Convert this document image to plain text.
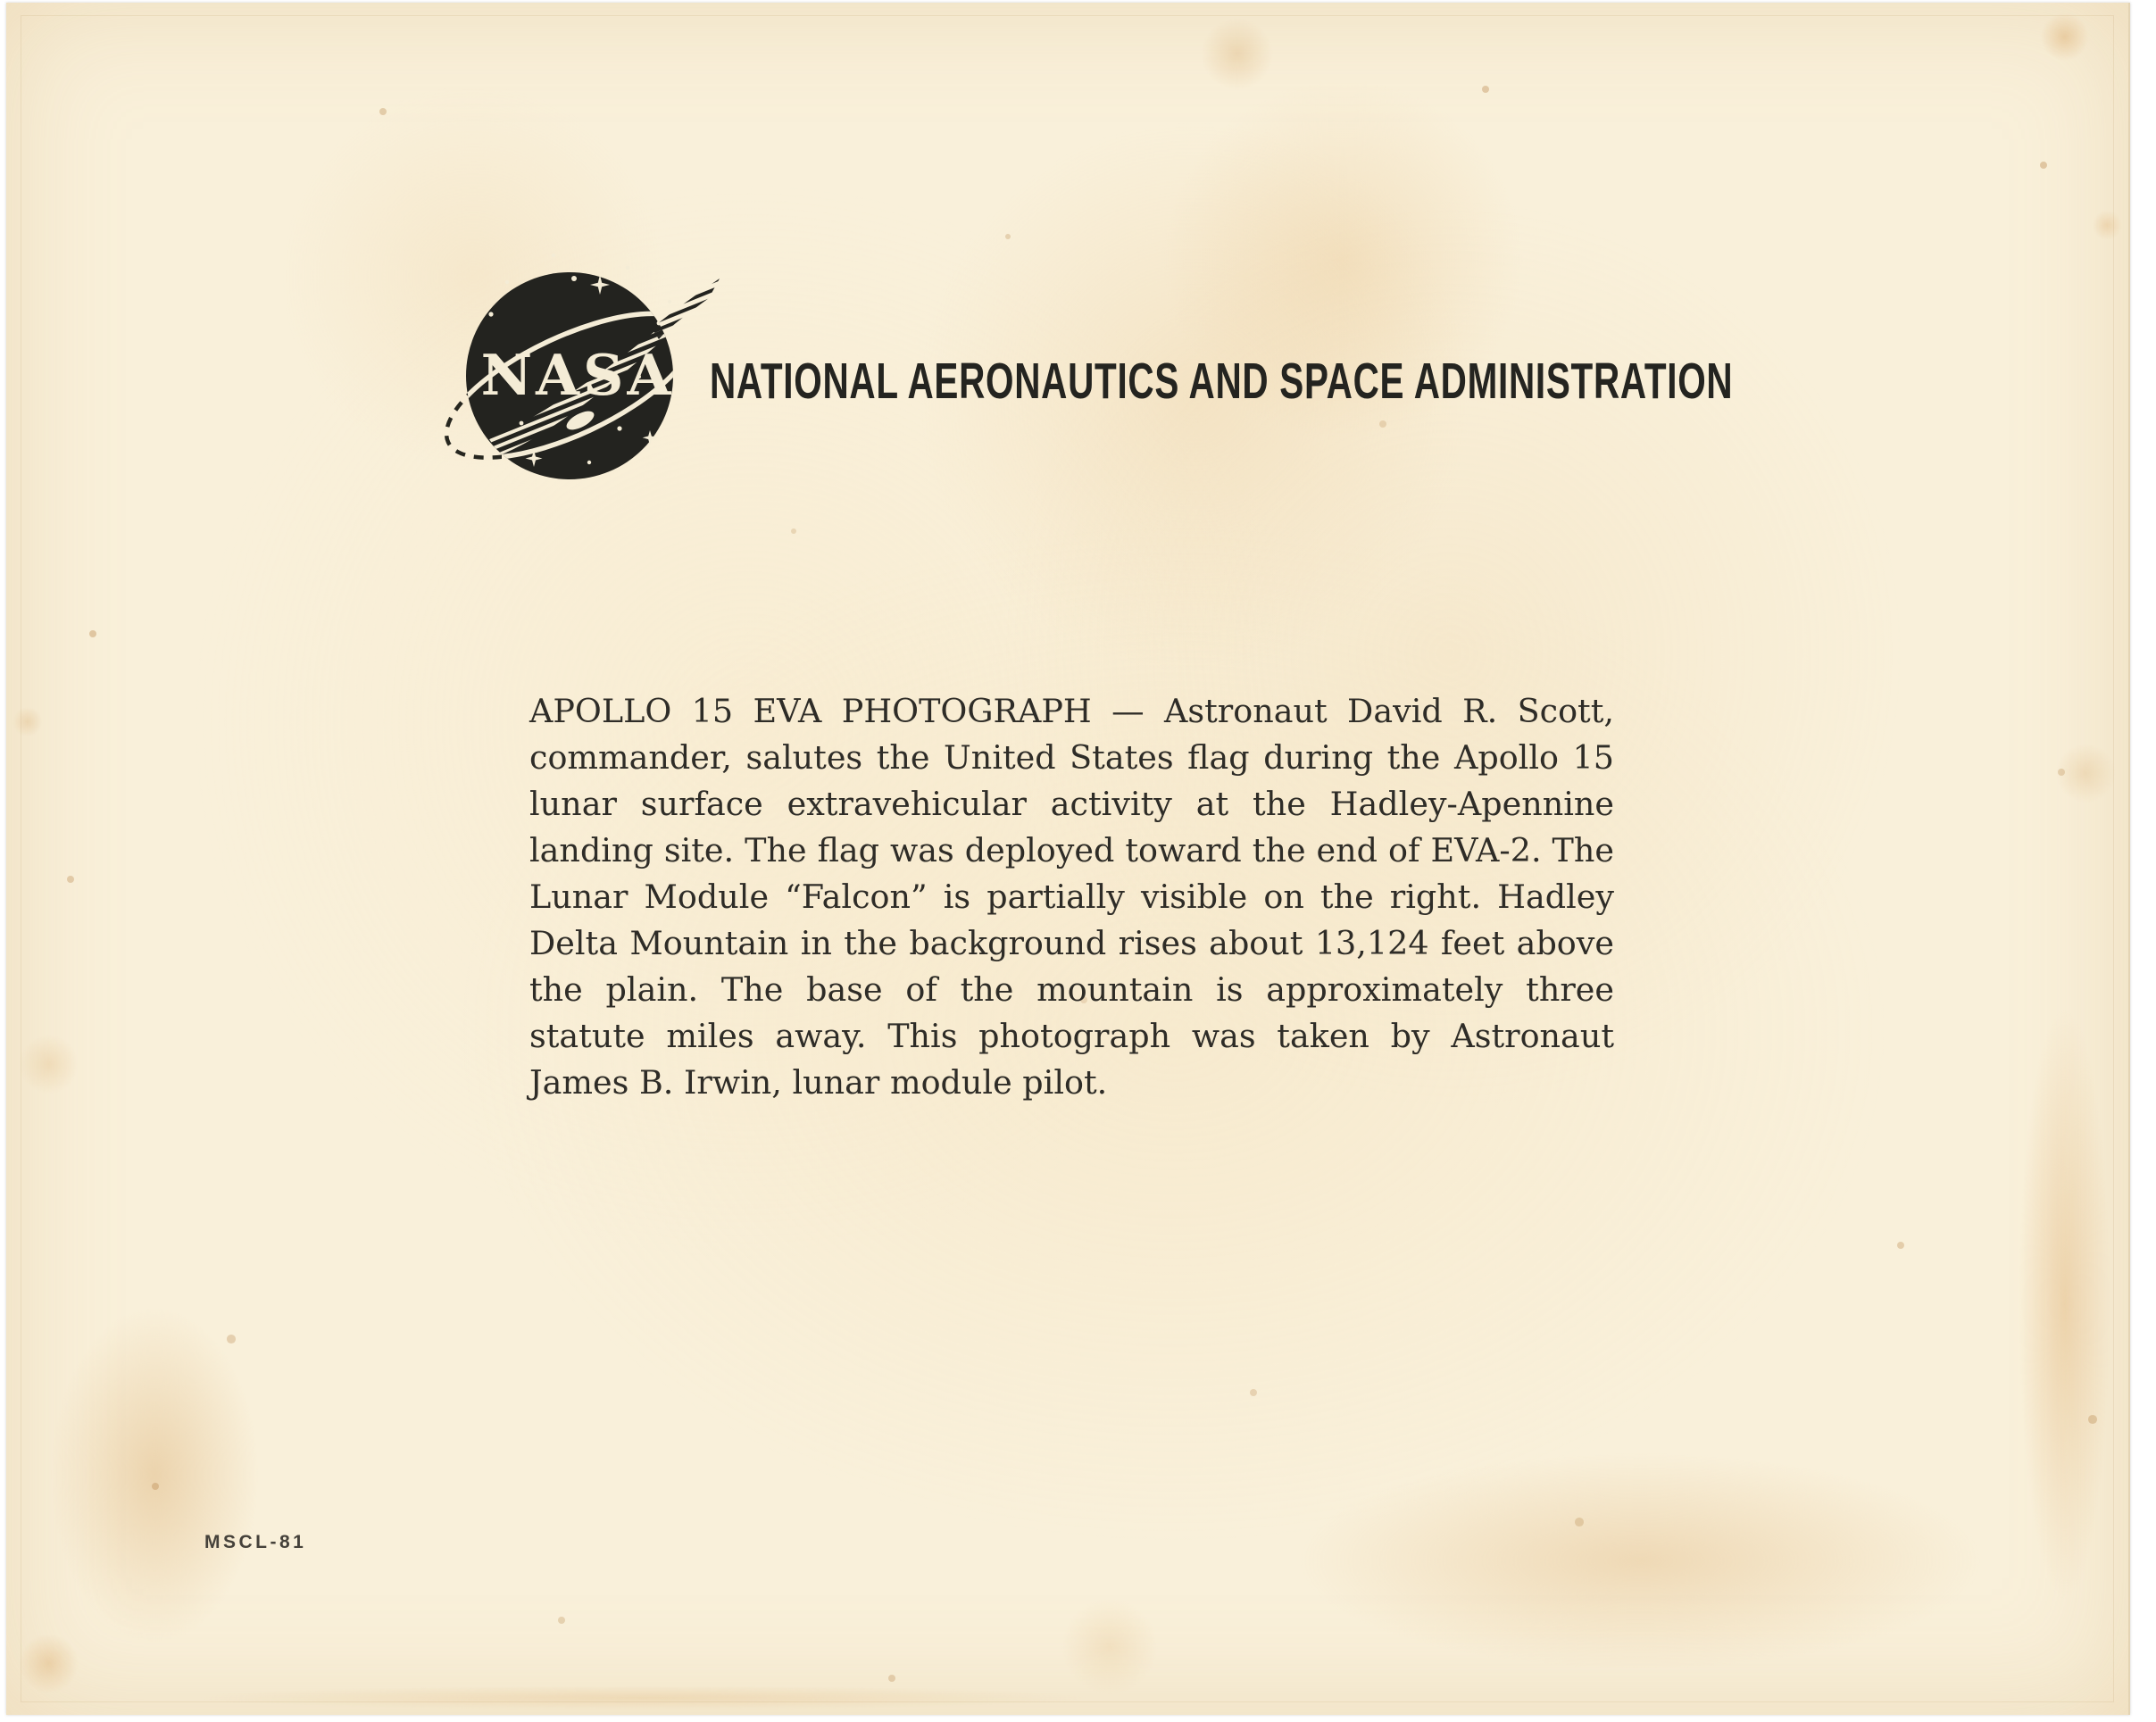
NASA NATIONAL AERONAUTICS AND SPACE ADMINISTRATION

APOLLO 15 EVA PHOTOGRAPH — Astronaut David R. Scott, commander, salutes the United States flag during the Apollo 15 lunar surface extravehicular activity at the Hadley-Apennine landing site. The flag was deployed toward the end of EVA-2. The Lunar Module “Falcon” is partially visible on the right. Hadley Delta Mountain in the background rises about 13,124 feet above the plain. The base of the mountain is approximately three statute miles away. This photograph was taken by Astronaut James B. Irwin, lunar module pilot.

MSCL-81
